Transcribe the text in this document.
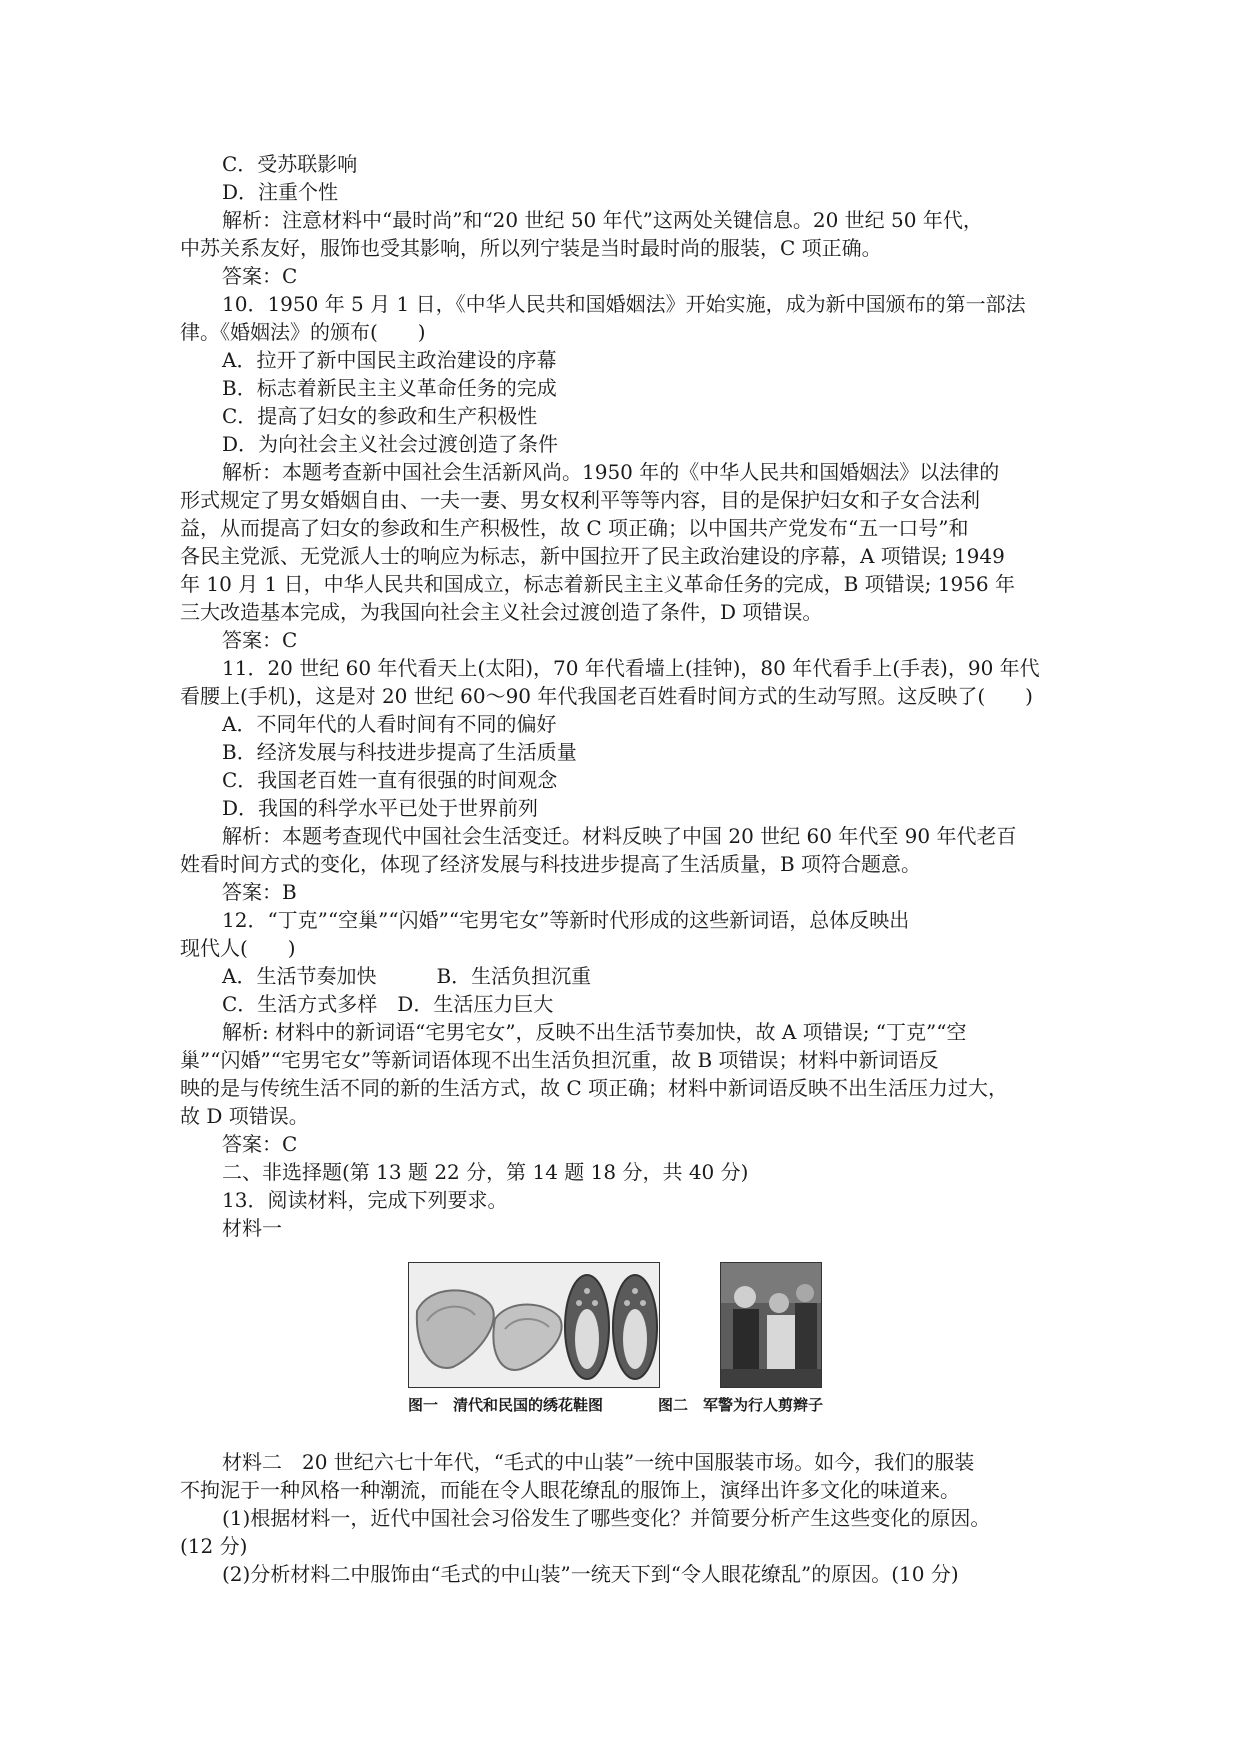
C．受苏联影响

D．注重个性

解析：注意材料中“最时尚”和“20 世纪 50 年代”这两处关键信息。20 世纪 50 年代，

中苏关系友好，服饰也受其影响，所以列宁装是当时最时尚的服装，C 项正确。

答案：C

10．1950 年 5 月 1 日，《中华人民共和国婚姻法》开始实施，成为新中国颁布的第一部法

律。《婚姻法》的颁布(　　)

A．拉开了新中国民主政治建设的序幕

B．标志着新民主主义革命任务的完成

C．提高了妇女的参政和生产积极性

D．为向社会主义社会过渡创造了条件

解析：本题考查新中国社会生活新风尚。1950 年的《中华人民共和国婚姻法》以法律的

形式规定了男女婚姻自由、一夫一妻、男女权利平等等内容，目的是保护妇女和子女合法利

益，从而提高了妇女的参政和生产积极性，故 C 项正确；以中国共产党发布“五一口号”和

各民主党派、无党派人士的响应为标志，新中国拉开了民主政治建设的序幕，A 项错误; 1949

年 10 月 1 日，中华人民共和国成立，标志着新民主主义革命任务的完成，B 项错误; 1956 年

三大改造基本完成，为我国向社会主义社会过渡创造了条件，D 项错误。

答案：C

11．20 世纪 60 年代看天上(太阳)，70 年代看墙上(挂钟)，80 年代看手上(手表)，90 年代

看腰上(手机)，这是对 20 世纪 60～90 年代我国老百姓看时间方式的生动写照。这反映了(　　)

A．不同年代的人看时间有不同的偏好

B．经济发展与科技进步提高了生活质量

C．我国老百姓一直有很强的时间观念

D．我国的科学水平已处于世界前列

解析：本题考查现代中国社会生活变迁。材料反映了中国 20 世纪 60 年代至 90 年代老百

姓看时间方式的变化，体现了经济发展与科技进步提高了生活质量，B 项符合题意。

答案：B

12．“丁克”“空巢”“闪婚”“宅男宅女”等新时代形成的这些新词语，总体反映出

现代人(　　)

A．生活节奏加快　　　B．生活负担沉重

C．生活方式多样　D．生活压力巨大

解析: 材料中的新词语“宅男宅女”，反映不出生活节奏加快，故 A 项错误; “丁克”“空

巢”“闪婚”“宅男宅女”等新词语体现不出生活负担沉重，故 B 项错误；材料中新词语反

映的是与传统生活不同的新的生活方式，故 C 项正确；材料中新词语反映不出生活压力过大，

故 D 项错误。

答案：C

二、非选择题(第 13 题 22 分，第 14 题 18 分，共 40 分)

13．阅读材料，完成下列要求。

材料一

图一　清代和民国的绣花鞋图	图二　军警为行人剪辫子

材料二　20 世纪六七十年代，“毛式的中山装”一统中国服装市场。如今，我们的服装

不拘泥于一种风格一种潮流，而能在令人眼花缭乱的服饰上，演绎出许多文化的味道来。

(1)根据材料一，近代中国社会习俗发生了哪些变化？并简要分析产生这些变化的原因。

(12 分)

(2)分析材料二中服饰由“毛式的中山装”一统天下到“令人眼花缭乱”的原因。(10 分)
